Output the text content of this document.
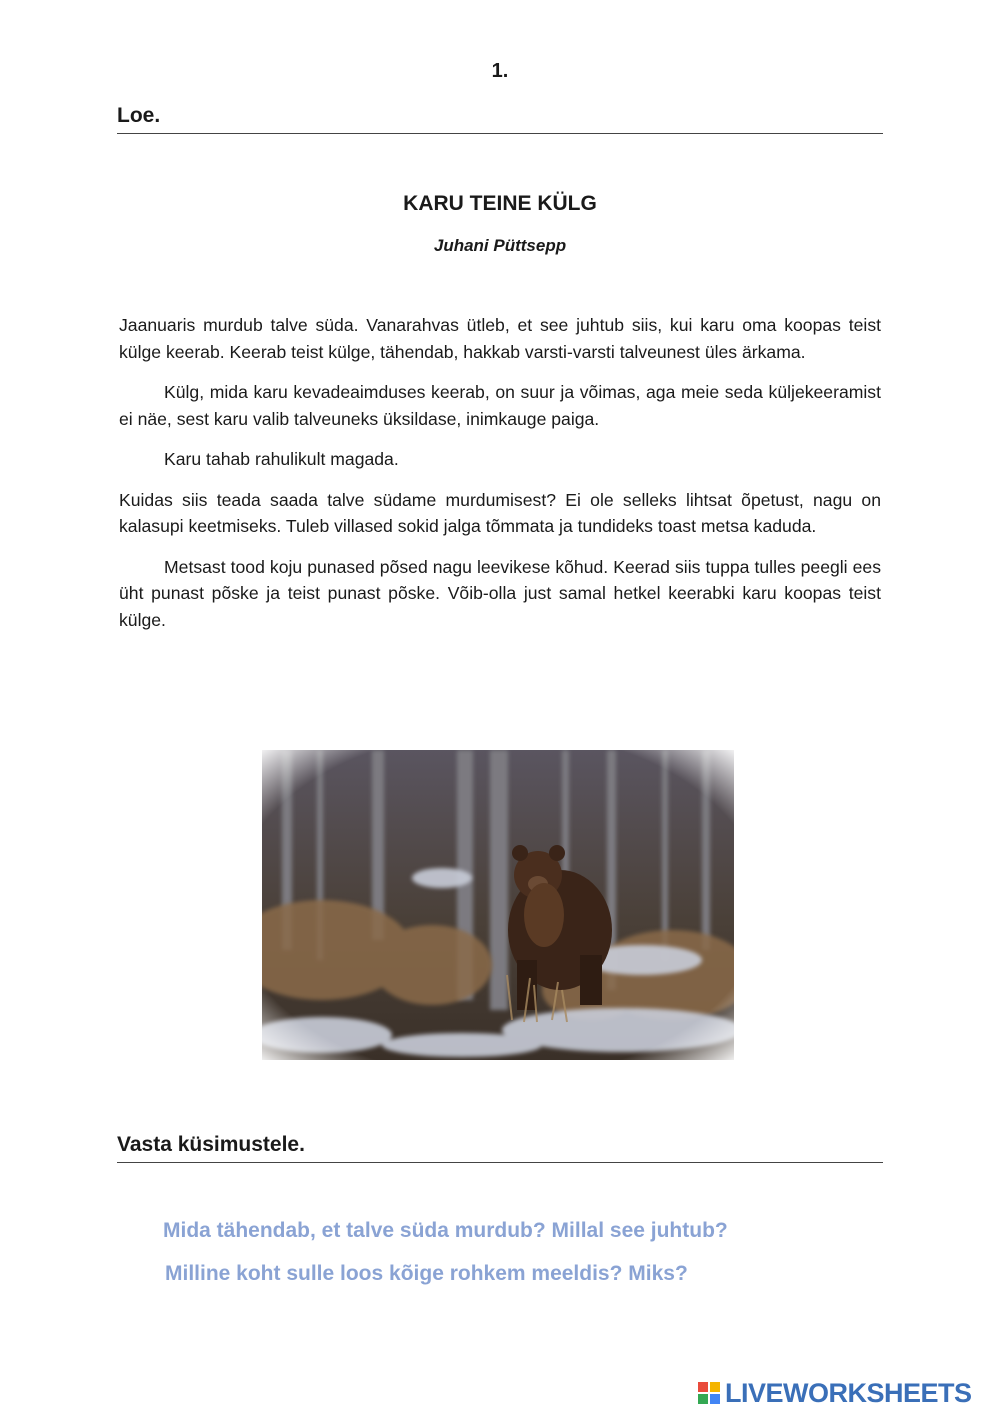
1.
Loe.
KARU TEINE KÜLG
Juhani Püttsepp

Jaanuaris murdub talve süda. Vanarahvas ütleb, et see juhtub siis, kui karu oma koopas teist külge keerab. Keerab teist külge, tähendab, hakkab varsti-varsti talveunest üles ärkama.

Külg, mida karu kevadeaimduses keerab, on suur ja võimas, aga meie seda küljekeeramist ei näe, sest karu valib talveuneks üksildase, inimkauge paiga.

Karu tahab rahulikult magada.

Kuidas siis teada saada talve südame murdumisest? Ei ole selleks lihtsat õpetust, nagu on kalasupi keetmiseks. Tuleb villased sokid jalga tõmmata ja tundideks toast metsa kaduda.

Metsast tood koju punased põsed nagu leevikese kõhud. Keerad siis tuppa tulles peegli ees üht punast põske ja teist punast põske. Võib-olla just samal hetkel keerabki karu koopas teist külge.

Vasta küsimustele.
Mida tähendab, et talve süda murdub? Millal see juhtub?
Milline koht sulle loos kõige rohkem meeldis? Miks?
LIVEWORKSHEETS
